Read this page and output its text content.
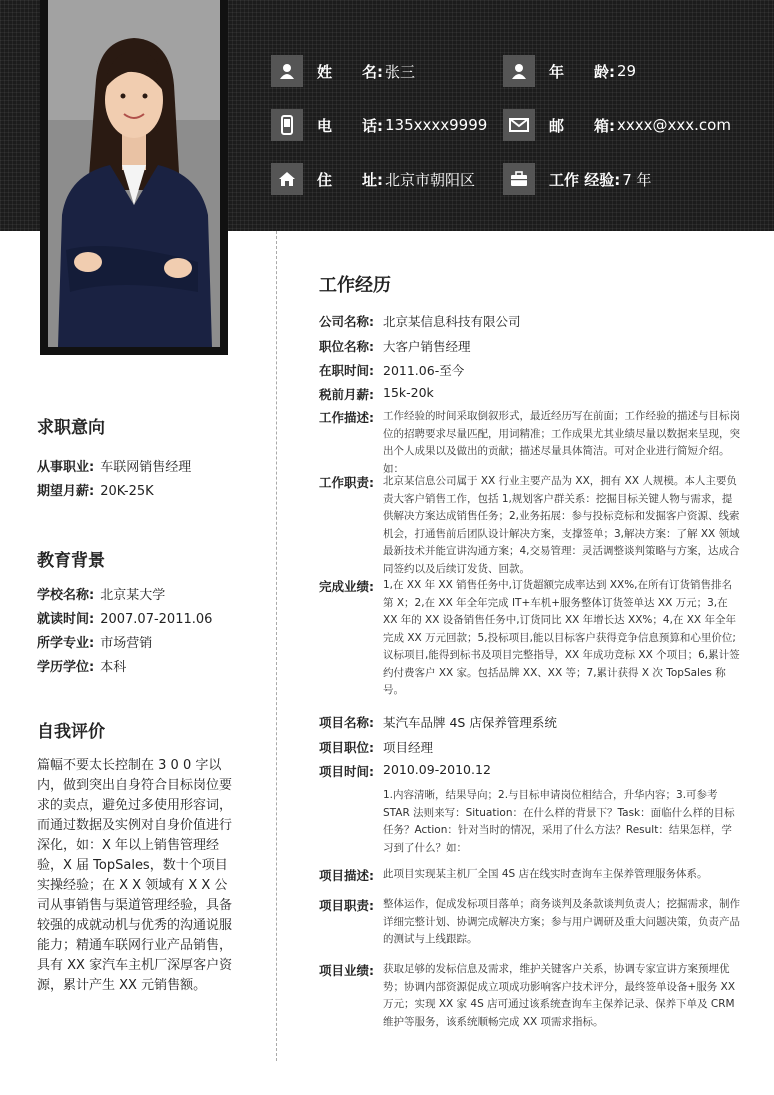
姓　　名: 张三	年　　龄: 29
电　　话: 135xxxx9999	邮　　箱: xxxx@xxx.com
住　　址: 北京市朝阳区	工作 经验: 7 年
求职意向
从事职业: 车联网销售经理
期望月薪: 20K-25K
教育背景
学校名称: 北京某大学
就读时间: 2007.07-2011.06
所学专业: 市场营销
学历学位: 本科
自我评价
篇幅不要太长控制在 3 0 0 字以内，做到突出自身符合目标岗位要求的卖点，避免过多使用形容词，而通过数据及实例对自身价值进行深化，如：X 年以上销售管理经验，X 届 TopSales，数十个项目实操经验；在 X X 领域有 X X 公司从事销售与渠道管理经验，具备较强的成就动机与优秀的沟通说服能力；精通车联网行业产品销售，具有 XX 家汽车主机厂深厚客户资源，累计产生 XX 元销售额。
工作经历
公司名称: 北京某信息科技有限公司
职位名称: 大客户销售经理
在职时间: 2011.06-至今
税前月薪: 15k-20k
工作描述: 工作经验的时间采取倒叙形式，最近经历写在前面；工作经验的描述与目标岗位的招聘要求尽量匹配，用词精准；工作成果尤其业绩尽量以数据来呈现，突出个人成果以及做出的贡献；描述尽量具体简洁。可对企业进行简短介绍。如：
工作职责: 北京某信息公司属于 XX 行业主要产品为 XX，拥有 XX 人规模。本人主要负责大客户销售工作，包括 1,规划客户群关系：挖掘目标关键人物与需求，提供解决方案达成销售任务；2,业务拓展：参与投标竞标和发掘客户资源、线索机会，打通售前后团队设计解决方案，支撑签单；3,解决方案：了解 XX 领域最新技术并能宣讲沟通方案；4,交易管理：灵活调整谈判策略与方案，达成合同签约以及后续订发货、回款。
完成业绩: 1,在 XX 年 XX 销售任务中,订货超额完成率达到 XX%,在所有订货销售排名第 X；2,在 XX 年全年完成 IT+车机+服务整体订货签单达 XX 万元；3,在 XX 年的 XX 设备销售任务中,订货同比 XX 年增长达 XX%；4,在 XX 年全年完成 XX 万元回款；5,投标项目,能以目标客户获得竞争信息预算和心里价位;议标项目,能得到标书及项目完整指导，XX 年成功竞标 XX 个项目；6,累计签约付费客户 XX 家。包括品牌 XX、XX 等；7,累计获得 X 次 TopSales 称号。
项目名称: 某汽车品牌 4S 店保养管理系统
项目职位: 项目经理
项目时间: 2010.09-2010.12
1.内容清晰，结果导向；2.与目标申请岗位相结合，升华内容；3.可参考 STAR 法则来写：Situation：在什么样的背景下？Task：面临什么样的目标任务？Action：针对当时的情况，采用了什么方法？Result：结果怎样，学习到了什么？如：
项目描述: 此项目实现某主机厂全国 4S 店在线实时查询车主保养管理服务体系。
项目职责: 整体运作，促成发标项目落单；商务谈判及条款谈判负责人；挖掘需求，制作详细完整计划、协调完成解决方案；参与用户调研及重大问题决策，负责产品的测试与上线跟踪。
项目业绩: 获取足够的发标信息及需求，维护关键客户关系，协调专家宣讲方案预埋优势；协调内部资源促成立项成功影响客户技术评分，最终签单设备+服务 XX 万元；实现 XX 家 4S 店可通过该系统查询车主保养记录、保养下单及 CRM 维护等服务，该系统顺畅完成 XX 项需求指标。
